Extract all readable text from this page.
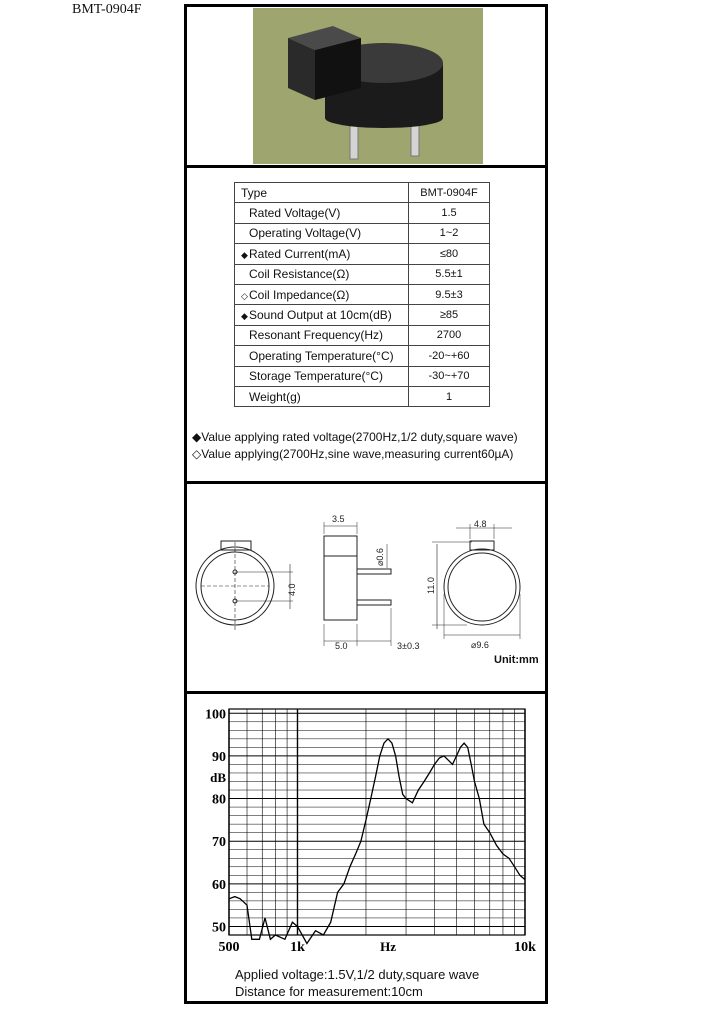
BMT-0904F
Type	BMT-0904F
Rated Voltage(V)	1.5
Operating Voltage(V)	1~2
◆Rated Current(mA)	≤80
Coil Resistance(Ω)	5.5±1
◇Coil Impedance(Ω)	9.5±3
◆Sound Output at 10cm(dB)	≥85
Resonant Frequency(Hz)	2700
Operating Temperature(°C)	-20~+60
Storage Temperature(°C)	-30~+70
Weight(g)	1
◆Value applying rated voltage(2700Hz,1/2 duty,square wave)
◇Value applying(2700Hz,sine wave,measuring current60µA)
3.5
⌀0.6
4.0
5.0	3±0.3
4.8
11.0
⌀9.6
Unit:mm
100
90
80
70
60
50
dB
500	1k	10k
Hz
Applied voltage:1.5V,1/2 duty,square wave
Distance for measurement:10cm
